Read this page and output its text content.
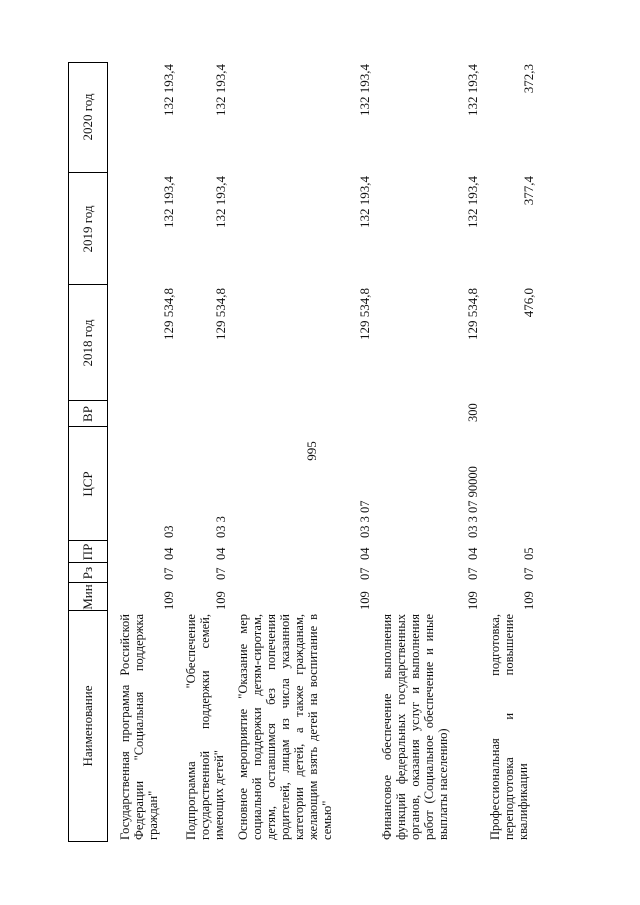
995
Наименование
Мин
Рз
ПР
ЦСР
ВР
2018 год
2019 год
2020 год
Государственная программа Российской Федерации "Социальная поддержка граждан"
109
07
04
03
129 534,8
132 193,4
132 193,4
Подпрограмма "Обеспечение государственной поддержки семей, имеющих детей"
109
07
04
03 3
129 534,8
132 193,4
132 193,4
Основное мероприятие "Оказание мер социальной поддержки детям-сиротам, детям, оставшимся без попечения родителей, лицам из числа указанной категории детей, а также гражданам, желающим взять детей на воспитание в семью"
109
07
04
03 3 07
129 534,8
132 193,4
132 193,4
Финансовое обеспечение выполнения функций федеральных государственных органов, оказания услуг и выполнения работ (Социальное обеспечение и иные выплаты населению)
109
07
04
03 3 07 90000
300
129 534,8
132 193,4
132 193,4
Профессиональная подготовка, переподготовка и повышение квалификации
109
07
05
476,0
377,4
372,3
